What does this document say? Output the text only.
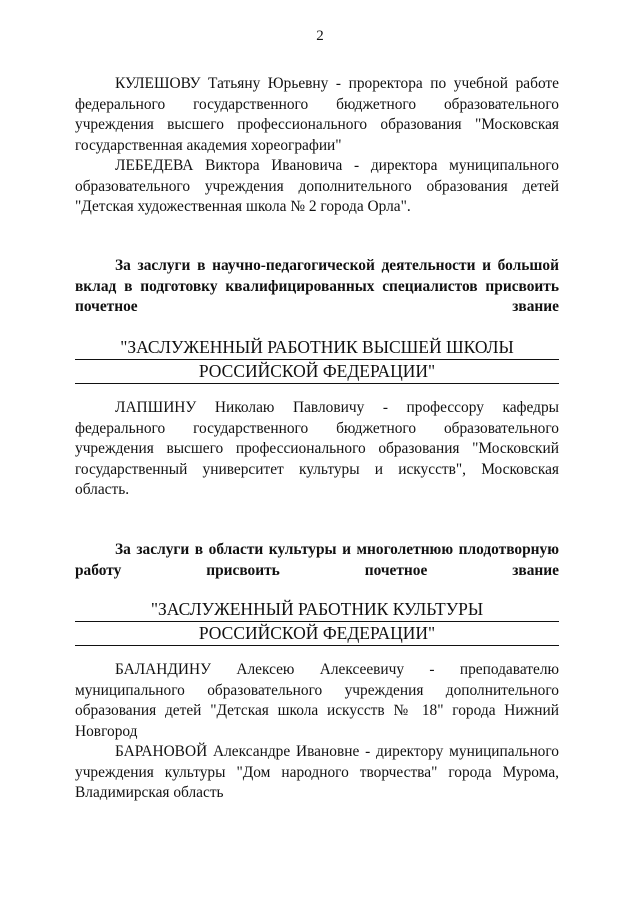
2
КУЛЕШОВУ Татьяну Юрьевну - проректора по учебной работе федерального государственного бюджетного образовательного учреждения высшего профессионального образования "Московская государственная академия хореографии"
ЛЕБЕДЕВА Виктора Ивановича - директора муниципального образовательного учреждения дополнительного образования детей "Детская художественная школа № 2 города Орла".
За заслуги в научно-педагогической деятельности и большой вклад в подготовку квалифицированных специалистов присвоить почетное звание
"ЗАСЛУЖЕННЫЙ РАБОТНИК ВЫСШЕЙ ШКОЛЫ
РОССИЙСКОЙ ФЕДЕРАЦИИ"
ЛАПШИНУ Николаю Павловичу - профессору кафедры федерального государственного бюджетного образовательного учреждения высшего профессионального образования "Московский государственный университет культуры и искусств", Московская область.
За заслуги в области культуры и многолетнюю плодотворную работу присвоить почетное звание
"ЗАСЛУЖЕННЫЙ РАБОТНИК КУЛЬТУРЫ
РОССИЙСКОЙ ФЕДЕРАЦИИ"
БАЛАНДИНУ Алексею Алексеевичу - преподавателю муниципального образовательного учреждения дополнительного образования детей "Детская школа искусств № 18" города Нижний Новгород
БАРАНОВОЙ Александре Ивановне - директору муниципального учреждения культуры "Дом народного творчества" города Мурома, Владимирская область
